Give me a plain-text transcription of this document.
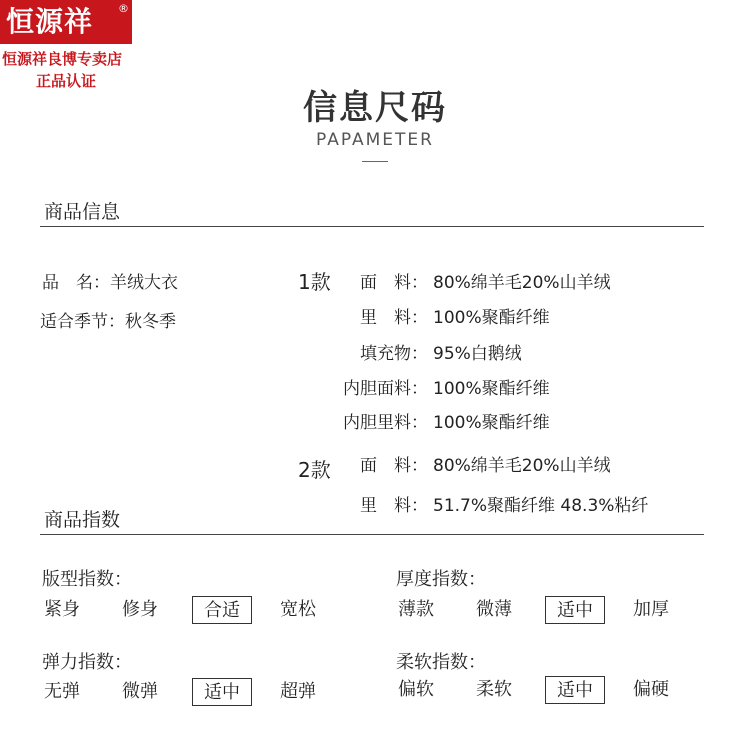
恒源祥	®
恒源祥良博专卖店
正品认证
信息尺码
PAPAMETER
商品信息
品　名：羊绒大衣
适合季节：秋冬季
1款	面　料： 80%绵羊毛20%山羊绒
里　料： 100%聚酯纤维
填充物： 95%白鹅绒
内胆面料： 100%聚酯纤维
内胆里料： 100%聚酯纤维
2款	面　料： 80%绵羊毛20%山羊绒
里　料： 51.7%聚酯纤维 48.3%粘纤
商品指数
版型指数：
紧身	修身	合适	宽松
厚度指数：
薄款	微薄	适中	加厚
弹力指数：
无弹	微弹	适中	超弹
柔软指数：
偏软	柔软	适中	偏硬
